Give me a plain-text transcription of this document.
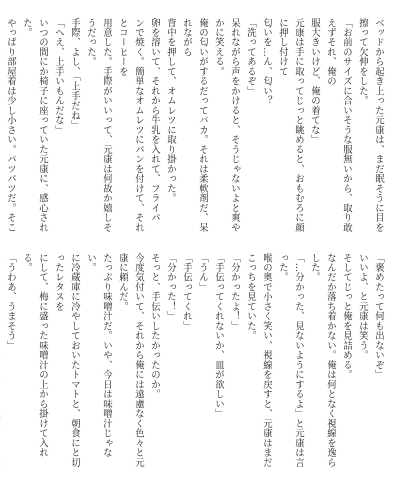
ベッドから起き上った元康は、まだ眠そうに目を擦って欠伸をした。
「お前のサイズに合いそうな服無いから、取り敢えずそれ、俺の
服大きいけど、俺の着てな」
元康は手に取ってじっと眺めると、おもむろに顔に押し付けて
匂いを…ん、匂い？
「洗ってあるぞ」
呆れながら声をかけると、そうじゃないよと爽やかに笑える。
俺の匂いがするだってバカ。それは柔軟剤だ、呆れながら
背中を押して、オムレツに取り掛かった。
卵を溶いて、それから牛乳を入れて、フライパ
ンで焼く。簡単なオムレツにパンを付けて、それとコーヒーを
用意した。手際がいいって、元康は何故か嬉しそうだった。
手際、よし、「上手だね」
「へえ、上手いもんだな」
いつの間にか椅子に座っていた元康に、感心された。
やっぱり部屋着は少し小さい。パツパツだ。そこ
「褒めたって何も出ないぞ」
いいよ、と元康は笑う。
そしてじっと俺を見詰める。
なんだか落ち着かない。俺は何となく視線を逸らした。
「…分かった、見ないようにするよ」と元康は言った。
喉の奥で小さく笑い、視線を戻すと、元康はまだこっちを見ていた。
「分かったよ！」
「手伝ってくれないか、皿が欲しい」
「うん」
「手伝ってくれ」
「分かった！」
そっと、手伝いしたかったのか。
今度気付いて、それから俺には遠慮なく色々と元康に頼んだ。
たっぷり味噌汁だ。いや、今日は味噌汁じゃない。
に冷蔵庫に冷やしておいたトマトと、朝食にと切ったレタスを
にして、梅に盛った味噌汁の上から掛けて入れる。
「うわあ、うまそう」
